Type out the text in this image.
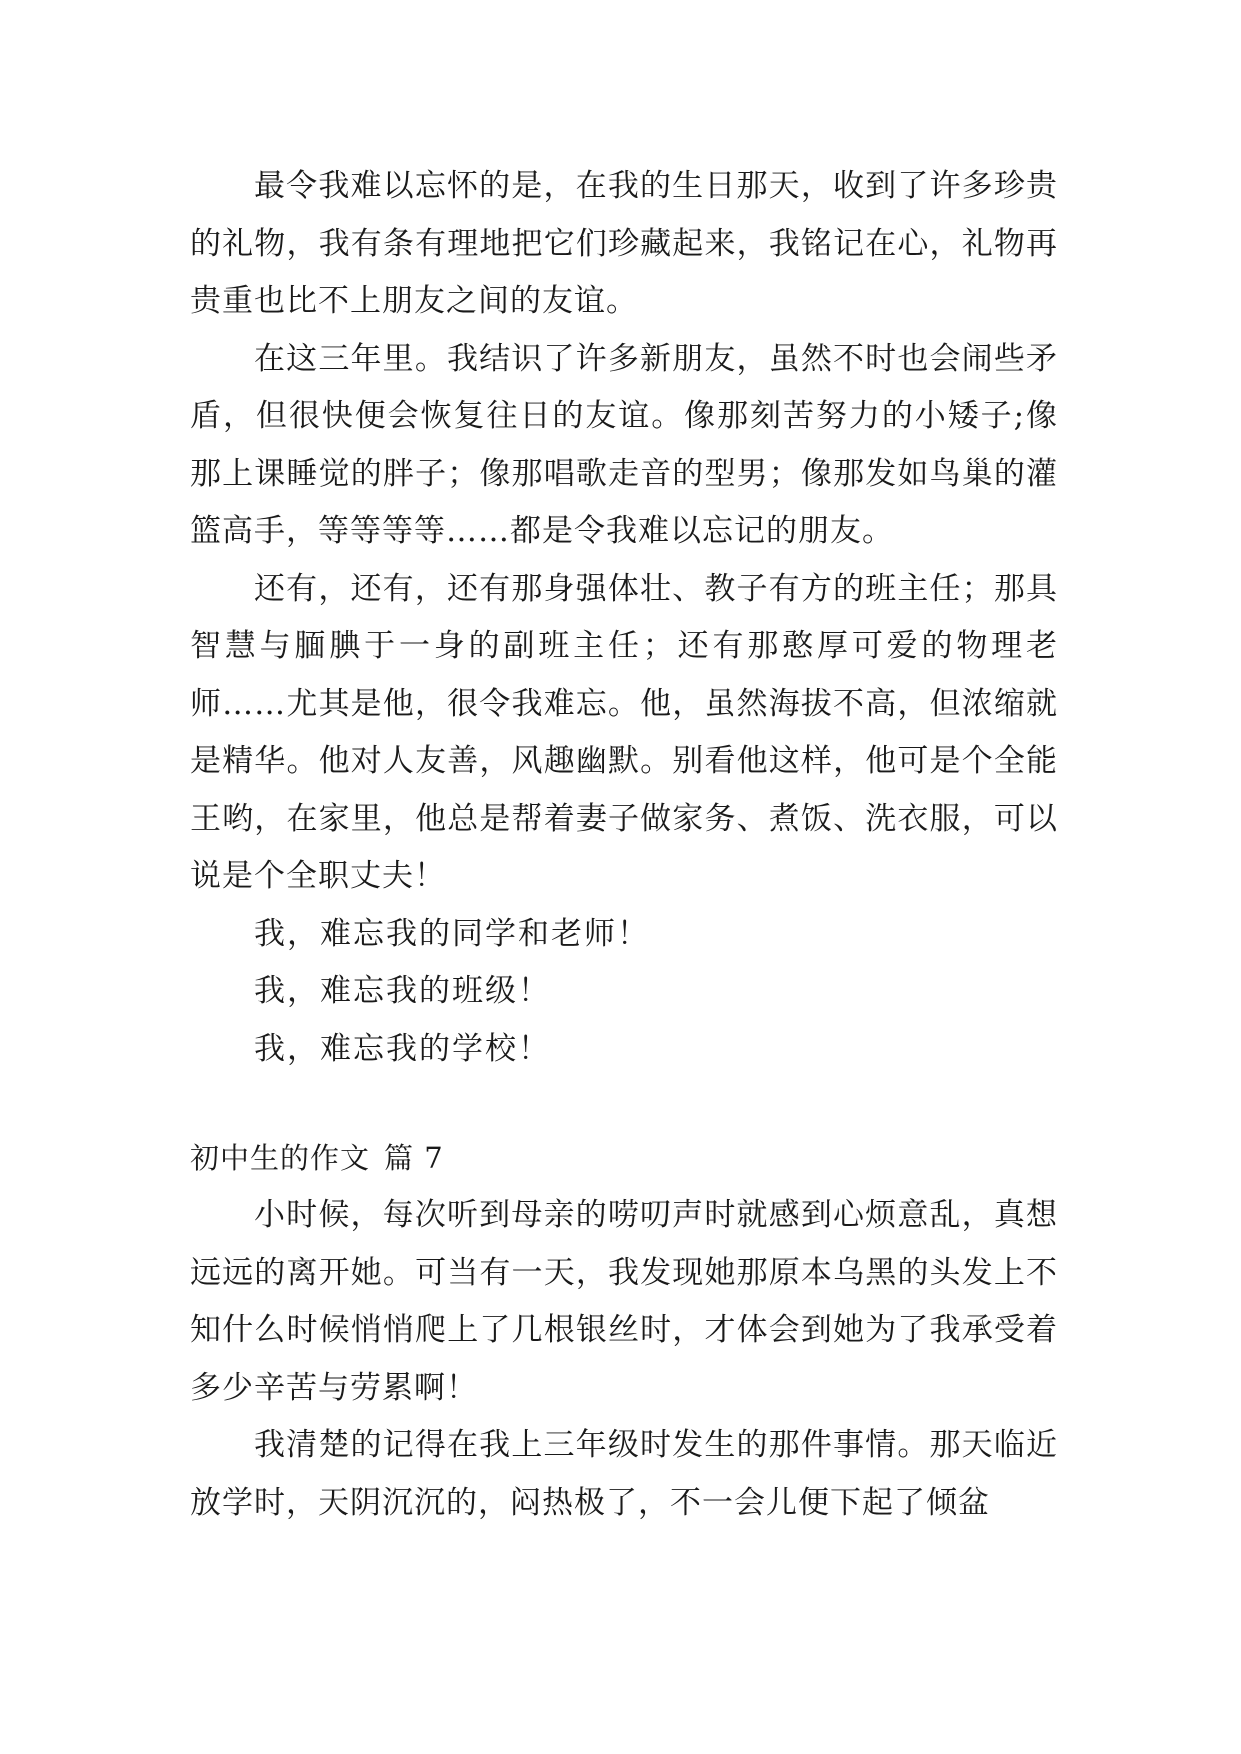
最令我难以忘怀的是，在我的生日那天，收到了许多珍贵的礼物，我有条有理地把它们珍藏起来，我铭记在心，礼物再贵重也比不上朋友之间的友谊。

在这三年里。我结识了许多新朋友，虽然不时也会闹些矛盾，但很快便会恢复往日的友谊。像那刻苦努力的小矮子;像那上课睡觉的胖子；像那唱歌走音的型男；像那发如鸟巢的灌篮高手，等等等等……都是令我难以忘记的朋友。

还有，还有，还有那身强体壮、教子有方的班主任；那具智慧与腼腆于一身的副班主任；还有那憨厚可爱的物理老师……尤其是他，很令我难忘。他，虽然海拔不高，但浓缩就是精华。他对人友善，风趣幽默。别看他这样，他可是个全能王哟，在家里，他总是帮着妻子做家务、煮饭、洗衣服，可以说是个全职丈夫！

我，难忘我的同学和老师！

我，难忘我的班级！

我，难忘我的学校！

初中生的作文 篇 7

小时候，每次听到母亲的唠叨声时就感到心烦意乱，真想远远的离开她。可当有一天，我发现她那原本乌黑的头发上不知什么时候悄悄爬上了几根银丝时，才体会到她为了我承受着多少辛苦与劳累啊！

我清楚的记得在我上三年级时发生的那件事情。那天临近放学时，天阴沉沉的，闷热极了，不一会儿便下起了倾盆
